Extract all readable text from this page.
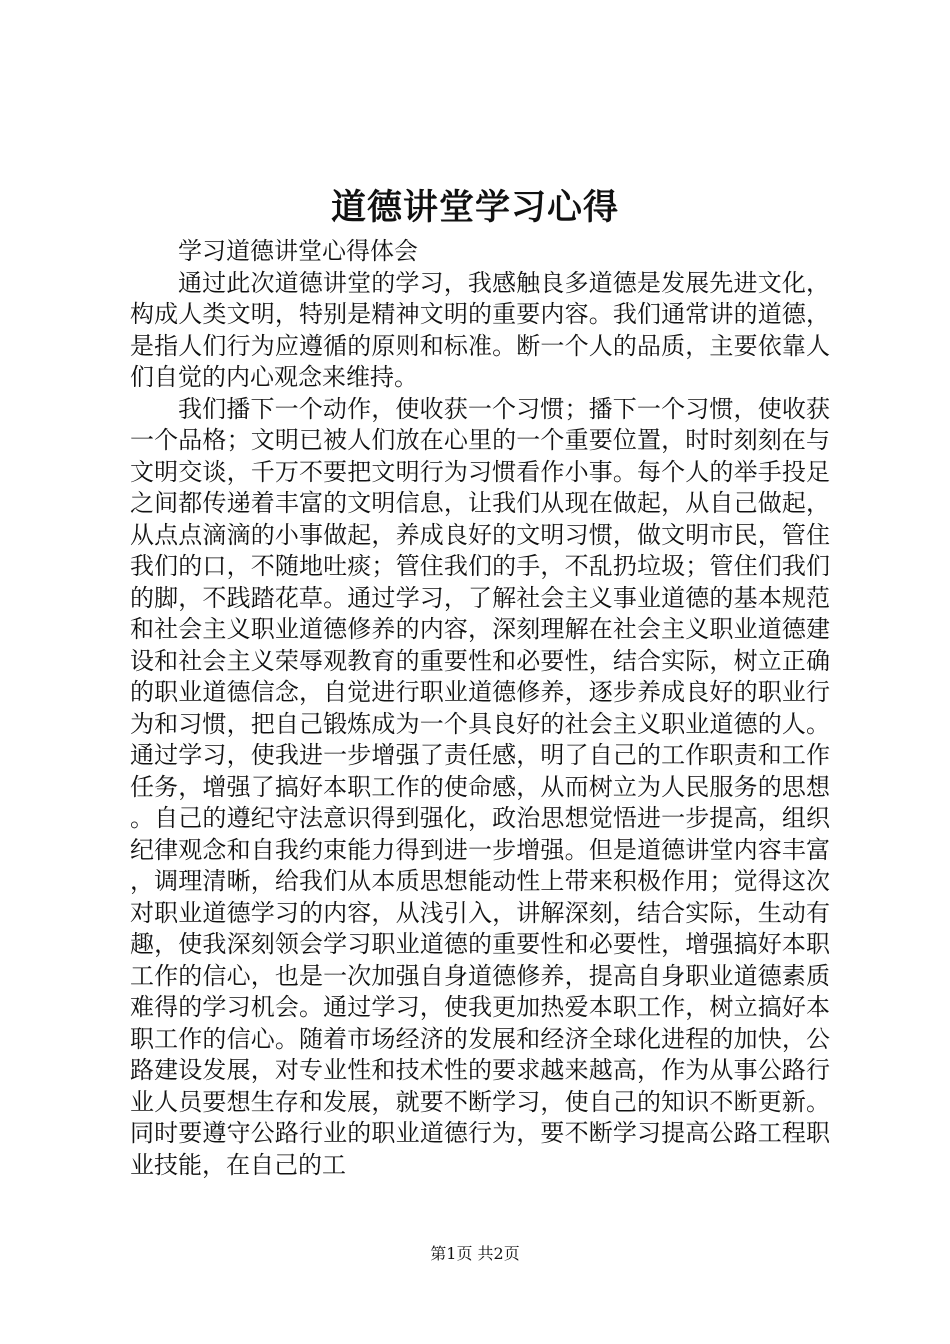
道德讲堂学习心得

学习道德讲堂心得体会

通过此次道德讲堂的学习，我感触良多道德是发展先进文化，构成人类文明，特别是精神文明的重要内容。我们通常讲的道德，是指人们行为应遵循的原则和标准。断一个人的品质，主要依靠人们自觉的内心观念来维持。

我们播下一个动作，使收获一个习惯；播下一个习惯，使收获一个品格；文明已被人们放在心里的一个重要位置，时时刻刻在与文明交谈，千万不要把文明行为习惯看作小事。每个人的举手投足之间都传递着丰富的文明信息，让我们从现在做起，从自己做起，从点点滴滴的小事做起，养成良好的文明习惯，做文明市民，管住我们的口，不随地吐痰；管住我们的手，不乱扔垃圾；管住们我们的脚，不践踏花草。通过学习，了解社会主义事业道德的基本规范和社会主义职业道德修养的内容，深刻理解在社会主义职业道德建设和社会主义荣辱观教育的重要性和必要性，结合实际，树立正确的职业道德信念，自觉进行职业道德修养，逐步养成良好的职业行为和习惯，把自己锻炼成为一个具良好的社会主义职业道德的人。通过学习，使我进一步增强了责任感，明了自己的工作职责和工作任务，增强了搞好本职工作的使命感，从而树立为人民服务的思想。自己的遵纪守法意识得到强化，政治思想觉悟进一步提高，组织纪律观念和自我约束能力得到进一步增强。但是道德讲堂内容丰富，调理清晰，给我们从本质思想能动性上带来积极作用；觉得这次对职业道德学习的内容，从浅引入，讲解深刻，结合实际，生动有趣，使我深刻领会学习职业道德的重要性和必要性，增强搞好本职工作的信心，也是一次加强自身道德修养，提高自身职业道德素质难得的学习机会。通过学习，使我更加热爱本职工作，树立搞好本职工作的信心。随着市场经济的发展和经济全球化进程的加快，公路建设发展，对专业性和技术性的要求越来越高，作为从事公路行业人员要想生存和发展，就要不断学习，使自己的知识不断更新。同时要遵守公路行业的职业道德行为，要不断学习提高公路工程职业技能，在自己的工

第1页 共2页
